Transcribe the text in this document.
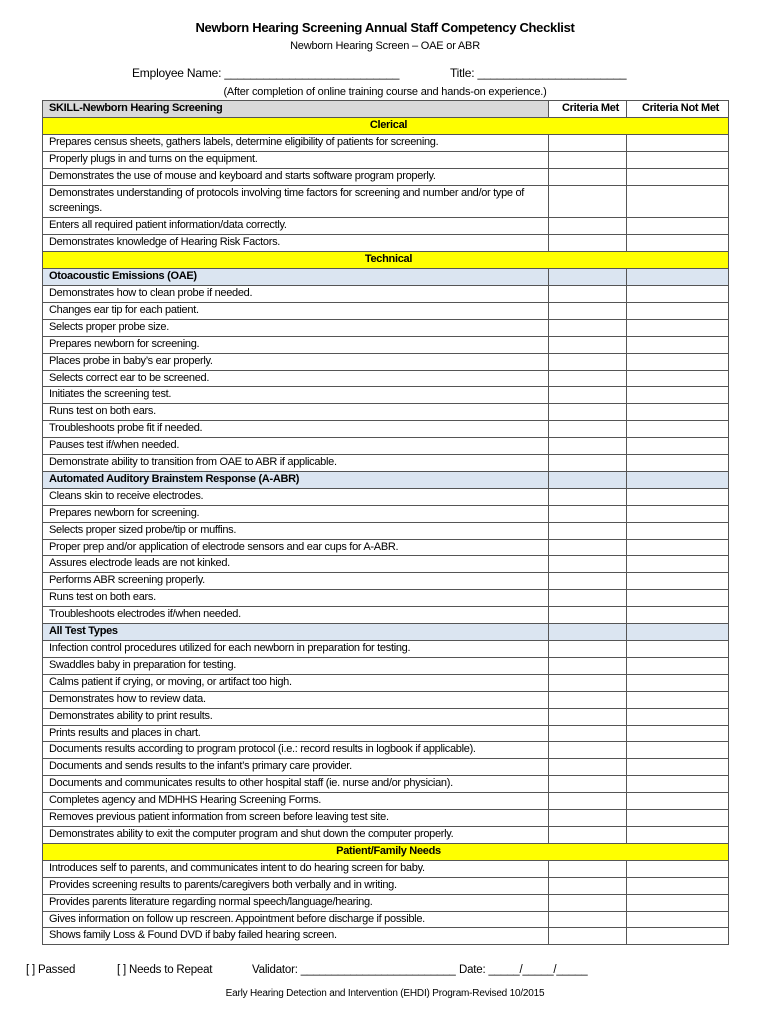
Newborn Hearing Screening Annual Staff Competency Checklist
Newborn Hearing Screen – OAE or ABR
Employee Name: ___________________________	Title: _______________________
(After completion of online training course and hands-on experience.)
SKILL-Newborn Hearing Screening	Criteria Met	Criteria Not Met
Clerical		
Prepares census sheets, gathers labels, determine eligibility of patients for screening.		
Properly plugs in and turns on the equipment.		
Demonstrates the use of mouse and keyboard and starts software program properly.		
Demonstrates understanding of protocols involving time factors for screening and number and/or type of screenings.		
Enters all required patient information/data correctly.		
Demonstrates knowledge of Hearing Risk Factors.		
Technical		
Otoacoustic Emissions (OAE)		
Demonstrates how to clean probe if needed.		
Changes ear tip for each patient.		
Selects proper probe size.		
Prepares newborn for screening.		
Places probe in baby’s ear properly.		
Selects correct ear to be screened.		
Initiates the screening test.		
Runs test on both ears.		
Troubleshoots probe fit if needed.		
Pauses test if/when needed.		
Demonstrate ability to transition from OAE to ABR if applicable.		
Automated Auditory Brainstem Response (A-ABR)		
Cleans skin to receive electrodes.		
Prepares newborn for screening.		
Selects proper sized probe/tip or muffins.		
Proper prep and/or application of electrode sensors and ear cups for A-ABR.		
Assures electrode leads are not kinked.		
Performs ABR screening properly.		
Runs test on both ears.		
Troubleshoots electrodes if/when needed.		
All Test Types		
Infection control procedures utilized for each newborn in preparation for testing.		
Swaddles baby in preparation for testing.		
Calms patient if crying, or moving, or artifact too high.		
Demonstrates how to review data.		
Demonstrates ability to print results.		
Prints results and places in chart.		
Documents results according to program protocol (i.e.: record results in logbook if applicable).		
Documents and sends results to the infant’s primary care provider.		
Documents and communicates results to other hospital staff (ie. nurse and/or physician).		
Completes agency and MDHHS Hearing Screening Forms.		
Removes previous patient information from screen before leaving test site.		
Demonstrates ability to exit the computer program and shut down the computer properly.		
Patient/Family Needs		
Introduces self to parents, and communicates intent to do hearing screen for baby.		
Provides screening results to parents/caregivers both verbally and in writing.		
Provides parents literature regarding normal speech/language/hearing.		
Gives information on follow up rescreen. Appointment before discharge if possible.		
Shows family Loss & Found DVD if baby failed hearing screen.		
[ ] Passed	[ ] Needs to Repeat	Validator: _________________________ Date: _____/_____/_____
Early Hearing Detection and Intervention (EHDI) Program-Revised 10/2015
